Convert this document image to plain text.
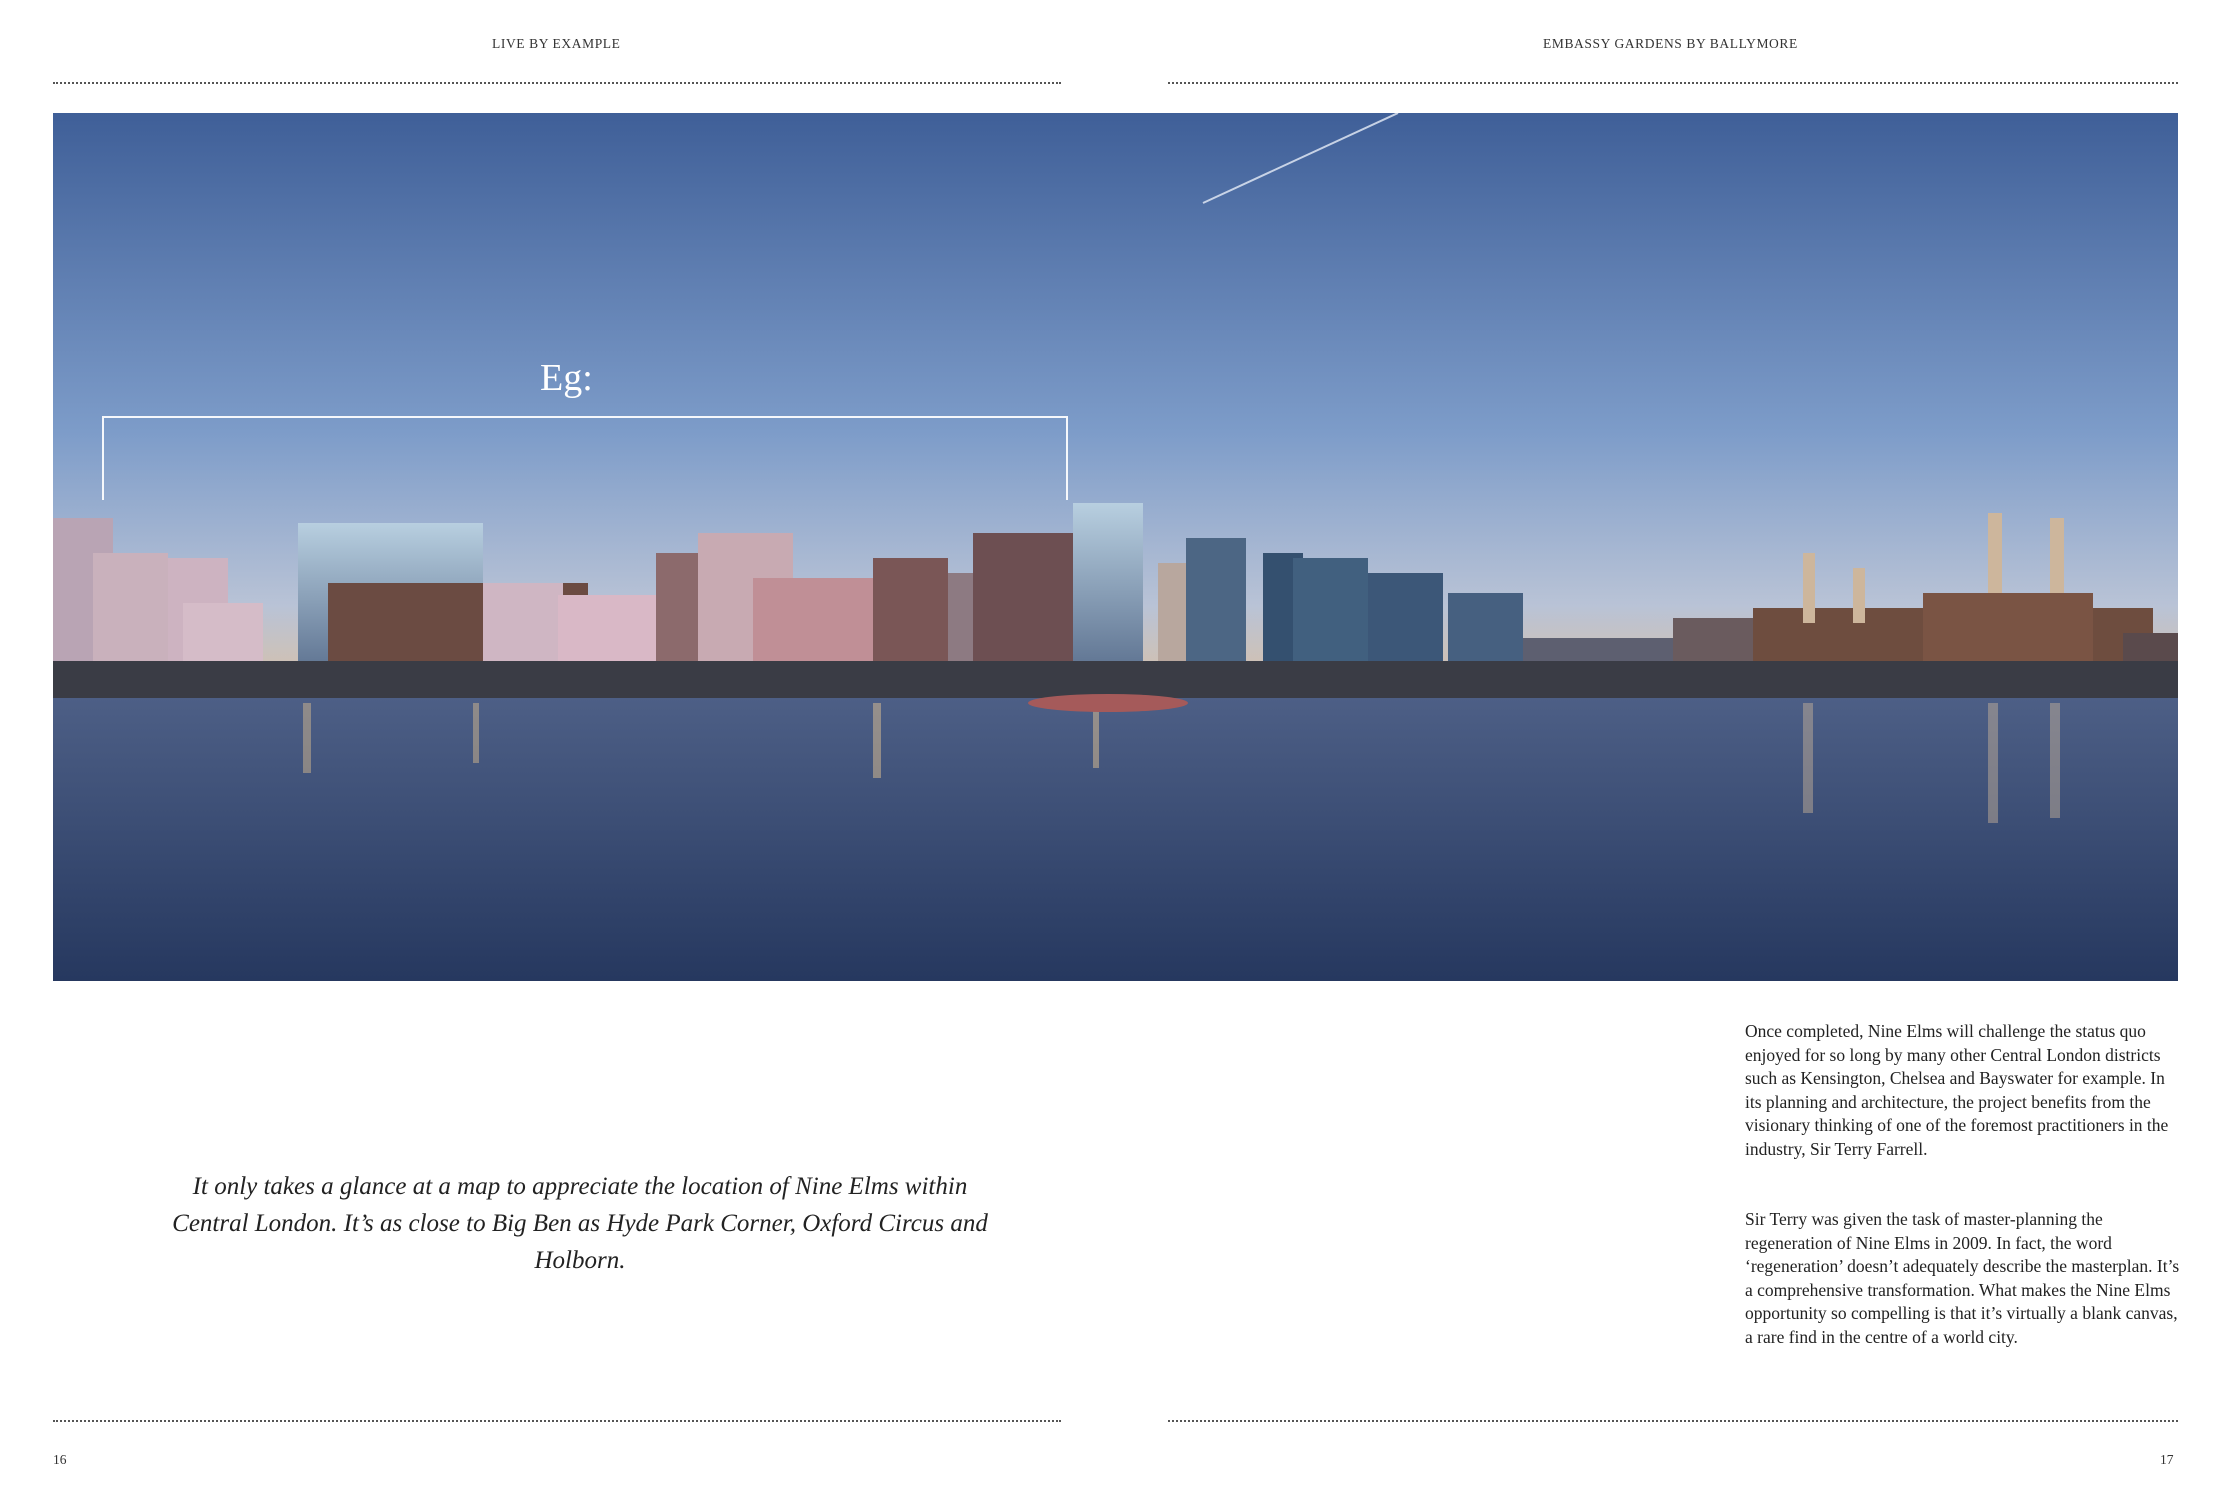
LIVE BY EXAMPLE	EMBASSY GARDENS BY BALLYMORE
Eg:
It only takes a glance at a map to appreciate the location of Nine Elms within Central London. It’s as close to Big Ben as Hyde Park Corner, Oxford Circus and Holborn.
Once completed, Nine Elms will challenge the status quo enjoyed for so long by many other Central London districts such as Kensington, Chelsea and Bayswater for example. In its planning and architecture, the project benefits from the visionary thinking of one of the foremost practitioners in the industry, Sir Terry Farrell.
Sir Terry was given the task of master-planning the regeneration of Nine Elms in 2009. In fact, the word ‘regeneration’ doesn’t adequately describe the masterplan. It’s a comprehensive transformation. What makes the Nine Elms opportunity so compelling is that it’s virtually a blank canvas, a rare find in the centre of a world city.
16	17
